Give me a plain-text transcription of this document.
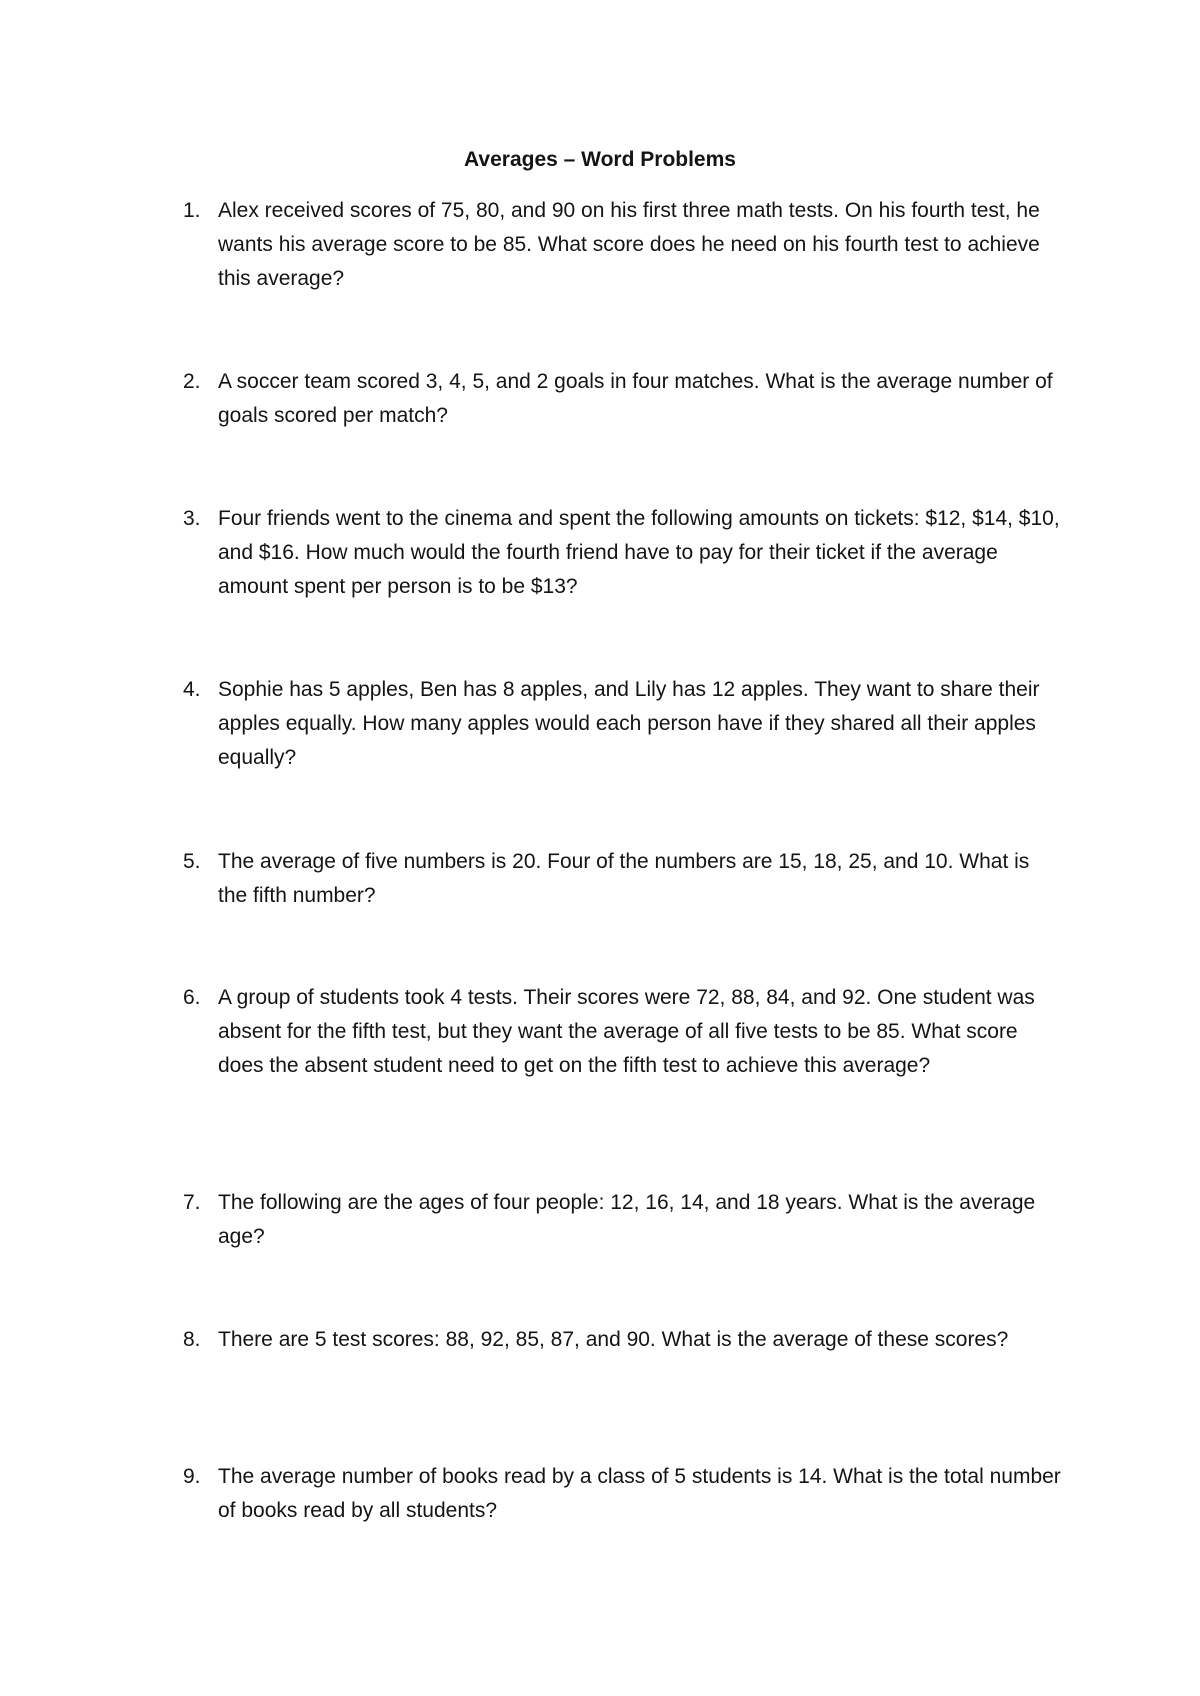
Averages – Word Problems
1. Alex received scores of 75, 80, and 90 on his first three math tests. On his fourth test, he wants his average score to be 85. What score does he need on his fourth test to achieve this average?

2. A soccer team scored 3, 4, 5, and 2 goals in four matches. What is the average number of goals scored per match?

3. Four friends went to the cinema and spent the following amounts on tickets: $12, $14, $10, and $16. How much would the fourth friend have to pay for their ticket if the average amount spent per person is to be $13?

4. Sophie has 5 apples, Ben has 8 apples, and Lily has 12 apples. They want to share their apples equally. How many apples would each person have if they shared all their apples equally?

5. The average of five numbers is 20. Four of the numbers are 15, 18, 25, and 10. What is the fifth number?

6. A group of students took 4 tests. Their scores were 72, 88, 84, and 92. One student was absent for the fifth test, but they want the average of all five tests to be 85. What score does the absent student need to get on the fifth test to achieve this average?

7. The following are the ages of four people: 12, 16, 14, and 18 years. What is the average age?

8. There are 5 test scores: 88, 92, 85, 87, and 90. What is the average of these scores?

9. The average number of books read by a class of 5 students is 14. What is the total number of books read by all students?
